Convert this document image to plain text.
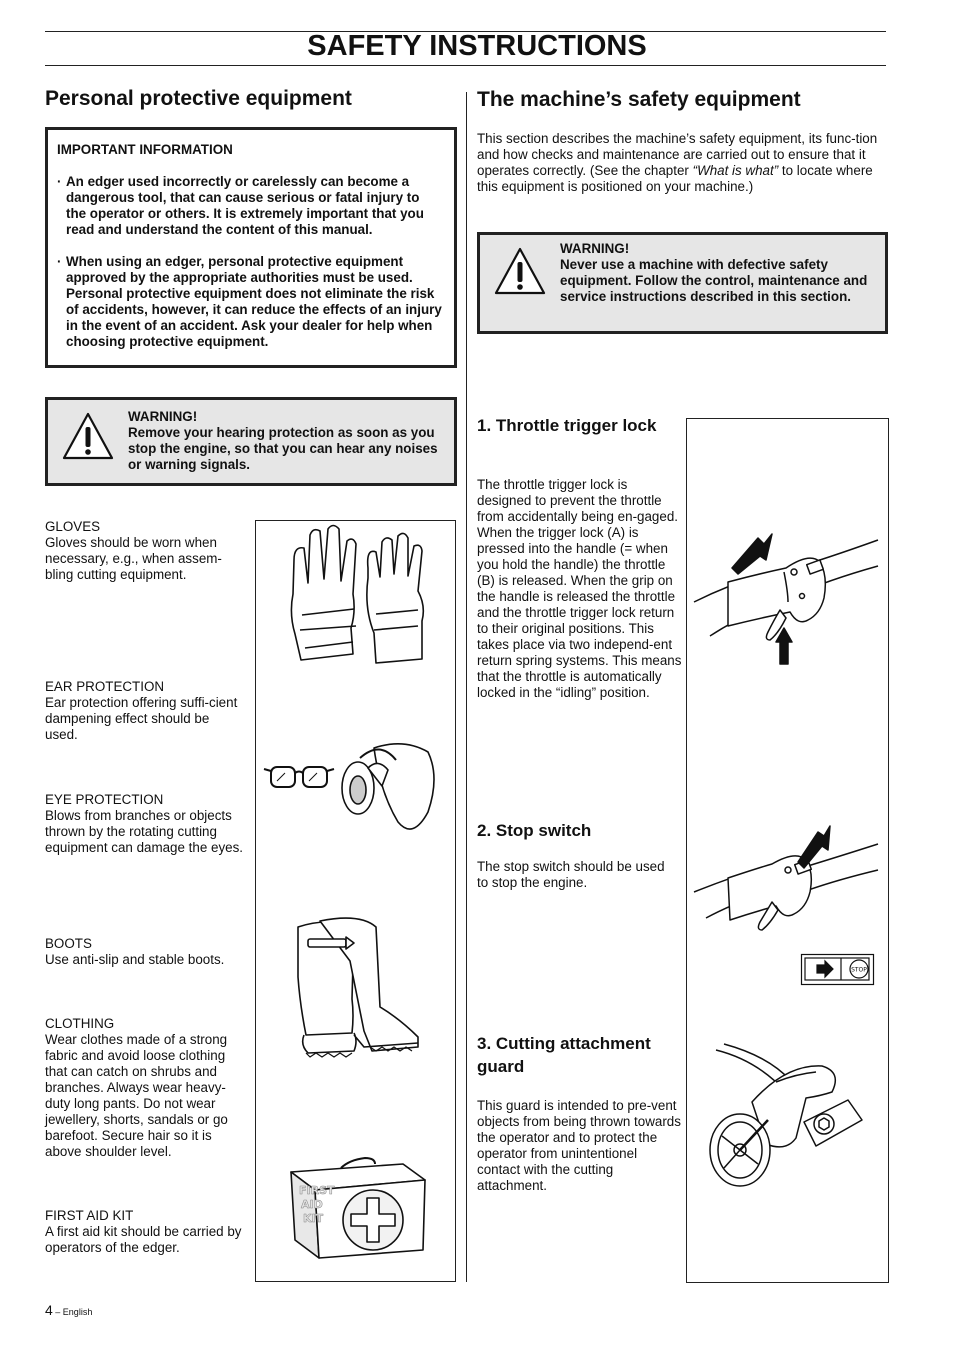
SAFETY INSTRUCTIONS
Personal protective equipment
IMPORTANT INFORMATION
· An edger used incorrectly or carelessly can become a dangerous tool, that can cause serious or fatal injury to the operator or others. It is extremely important that you read and understand the content of this manual.
· When using an edger, personal protective equipment approved by the appropriate authorities must be used. Personal protective equipment does not eliminate the risk of accidents, however, it can reduce the effects of an injury in the event of an accident. Ask your dealer for help when choosing protective equipment.
WARNING!
Remove your hearing protection as soon as you stop the engine, so that you can hear any noises or warning signals.
GLOVES
Gloves should be worn when necessary, e.g., when assem-bling cutting equipment.
EAR PROTECTION
Ear protection offering suffi-cient dampening effect should be used.
EYE PROTECTION
Blows from branches or objects thrown by the rotating cutting equipment can damage the eyes.
BOOTS
Use anti-slip and stable boots.
CLOTHING
Wear clothes made of a strong fabric and avoid loose clothing that can catch on shrubs and branches. Always wear heavy-duty long pants. Do not wear jewellery, shorts, sandals or go barefoot. Secure hair so it is above shoulder level.
FIRST AID KIT
A first aid kit should be carried by operators of the edger.
FIRST
AID
KIT
The machine’s safety equipment
This section describes the machine’s safety equipment, its func-tion and how checks and maintenance are carried out to ensure that it operates correctly. (See the chapter “What is what” to locate where this equipment is positioned on your machine.)
WARNING!
Never use a machine with defective safety equipment. Follow the control, maintenance and service instructions described in this section.
1. Throttle trigger lock
The throttle trigger lock is designed to prevent the throttle from accidentally being en-gaged. When the trigger lock (A) is pressed into the handle (= when you hold the handle) the throttle (B) is released. When the grip on the handle is released the throttle and the throttle trigger lock return to their original positions. This takes place via two independ-ent return spring systems. This means that the throttle is automatically locked in the “idling” position.
2. Stop switch
The stop switch should be used to stop the engine.
3. Cutting attachment guard
This guard is intended to pre-vent objects from being thrown towards the operator and to protect the operator from unintentionel contact with the cutting attachment.
STOP
4 – English
